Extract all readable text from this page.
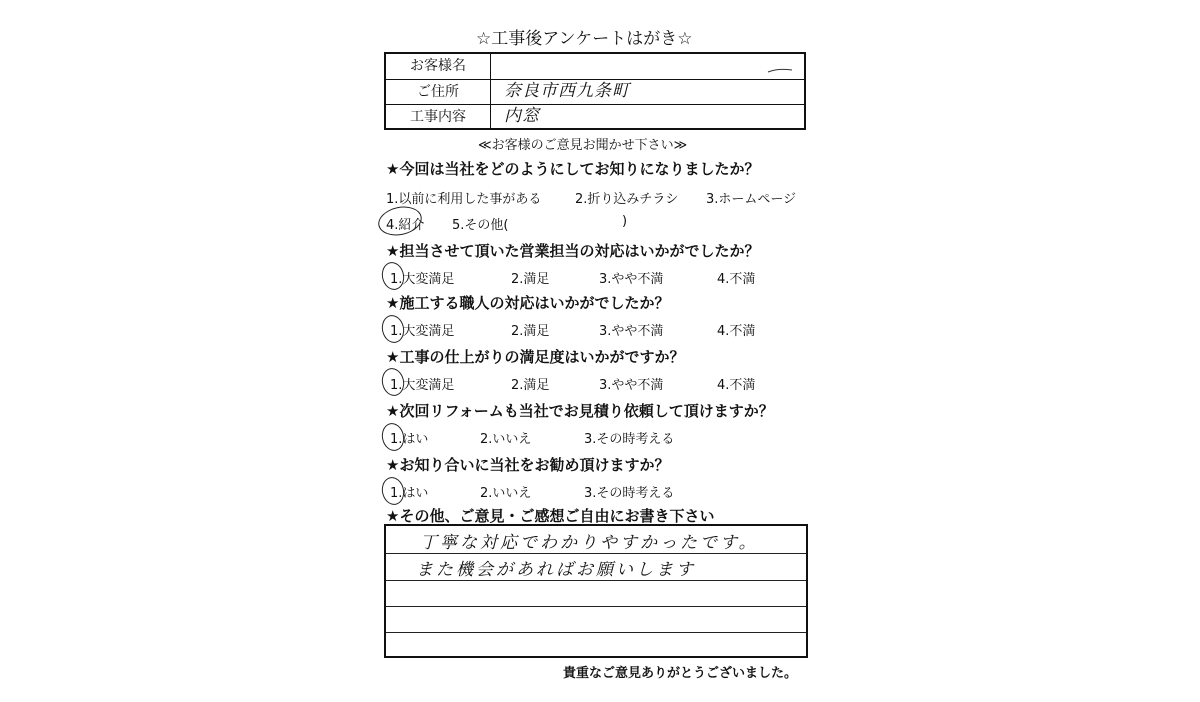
☆工事後アンケートはがき☆
お客様名
ご住所	奈良市西九条町
工事内容	内窓
≪お客様のご意見お聞かせ下さい≫
★今回は当社をどのようにしてお知りになりましたか？
1.以前に利用した事がある	2.折り込みチラシ 3.ホームページ
4.紹介 5.その他(	)
★担当させて頂いた営業担当の対応はいかがでしたか？
1.大変満足	2.満足	3.やや不満	4.不満
★施工する職人の対応はいかがでしたか？
1.大変満足	2.満足	3.やや不満	4.不満
★工事の仕上がりの満足度はいかがですか？
1.大変満足	2.満足	3.やや不満	4.不満
★次回リフォームも当社でお見積り依頼して頂けますか？
1.はい	2.いいえ	3.その時考える
★お知り合いに当社をお勧め頂けますか？
1.はい	2.いいえ	3.その時考える
★その他、ご意見・ご感想ご自由にお書き下さい
丁寧な対応でわかりやすかったです。
また機会があればお願いします
貴重なご意見ありがとうございました。
